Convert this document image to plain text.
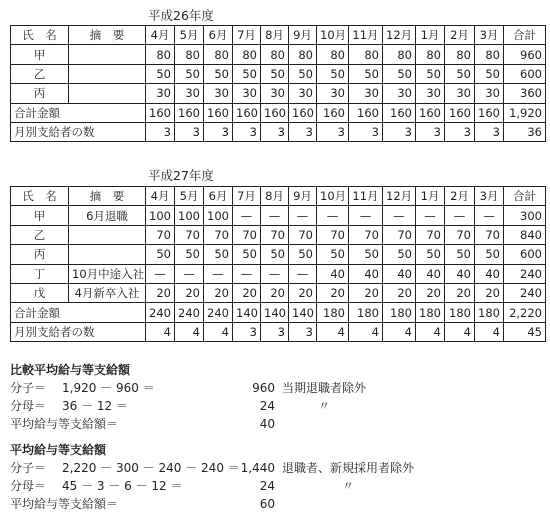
平成26年度
氏　名	摘　要	4月	5月	6月	7月	8月	9月	10月	11月	12月	1月	2月	3月	合計
甲		80	80	80	80	80	80	80	80	80	80	80	80	960
乙		50	50	50	50	50	50	50	50	50	50	50	50	600
丙		30	30	30	30	30	30	30	30	30	30	30	30	360
合計金額		160	160	160	160	160	160	160	160	160	160	160	160	1,920
月別支給者の数		3	3	3	3	3	3	3	3	3	3	3	3	36
平成27年度
氏　名	摘　要	4月	5月	6月	7月	8月	9月	10月	11月	12月	1月	2月	3月	合計
甲	6月退職	100	100	100	—	—	—	—	—	—	—	—	—	300
乙		70	70	70	70	70	70	70	70	70	70	70	70	840
丙		50	50	50	50	50	50	50	50	50	50	50	50	600
丁	10月中途入社	—	—	—	—	—	—	40	40	40	40	40	40	240
戊	4月新卒入社	20	20	20	20	20	20	20	20	20	20	20	20	240
合計金額		240	240	240	140	140	140	180	180	180	180	180	180	2,220
月別支給者の数		4	4	4	3	3	3	4	4	4	4	4	4	45
比較平均給与等支給額
分子＝ 1,920 － 960 ＝	960 当期退職者除外
分母＝ 36 － 12 ＝	24	〃
平均給与等支給額＝	40
平均給与等支給額
分子＝ 2,220 － 300 － 240 － 240 ＝ 1,440 退職者、新規採用者除外
分母＝ 45 － 3 － 6 － 12 ＝	24	〃
平均給与等支給額＝	60
